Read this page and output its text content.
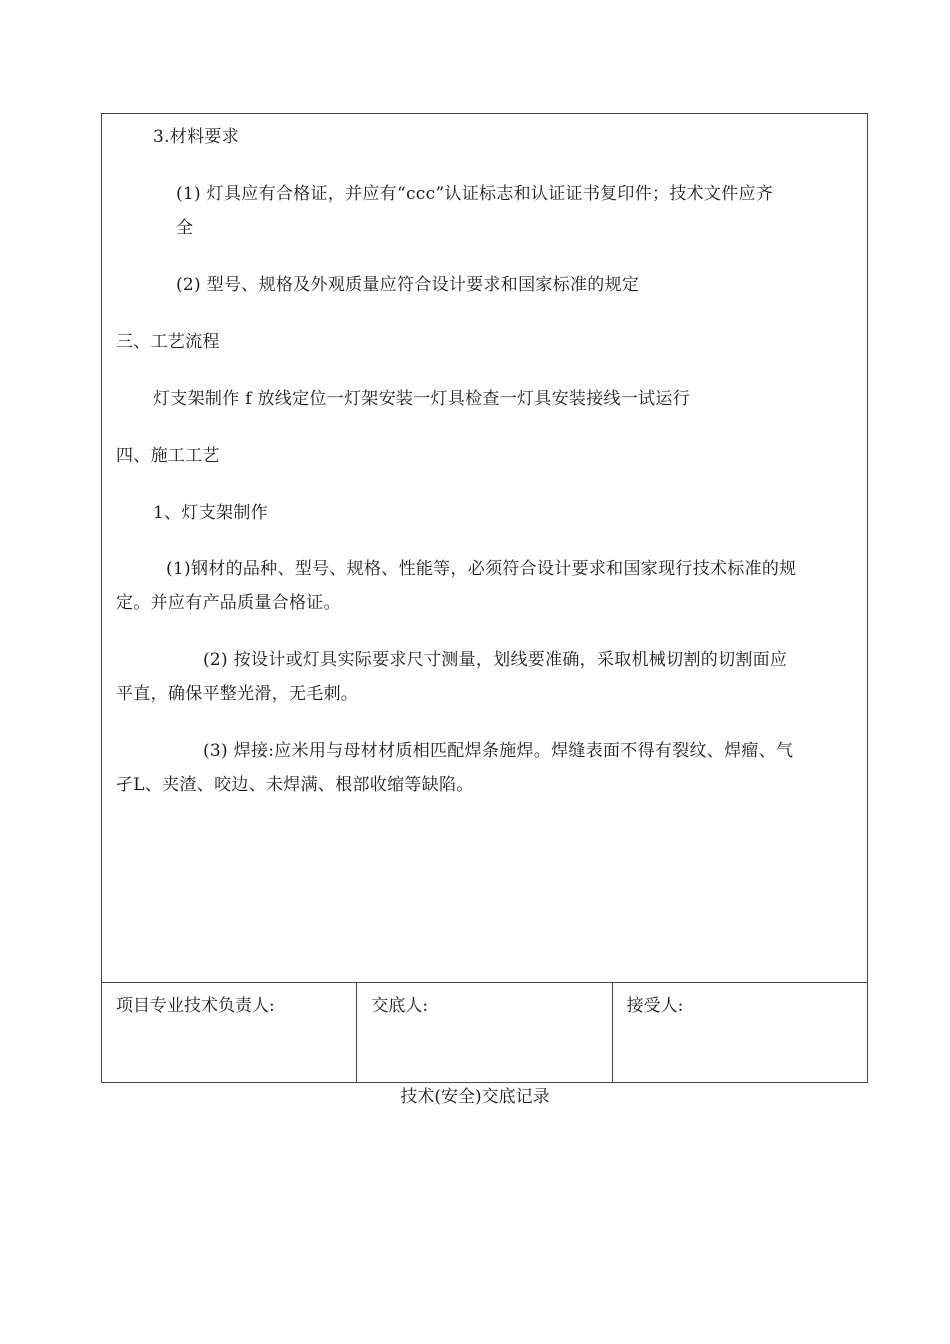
3.材料要求
(1) 灯具应有合格证，并应有“ccc”认证标志和认证证书复印件；技术文件应齐
全
(2) 型号、规格及外观质量应符合设计要求和国家标准的规定
三、工艺流程
灯支架制作 f 放线定位一灯架安装一灯具检查一灯具安装接线一试运行
四、施工工艺
1、灯支架制作
(1)钢材的品种、型号、规格、性能等，必须符合设计要求和国家现行技术标准的规
定。并应有产品质量合格证。
(2) 按设计或灯具实际要求尺寸测量，划线要准确，采取机械切割的切割面应
平直，确保平整光滑，无毛刺。
(3) 焊接:应米用与母材材质相匹配焊条施焊。焊缝表面不得有裂纹、焊瘤、气
孑L、夹渣、咬边、未焊满、根部收缩等缺陷。
项目专业技术负责人:	交底人:	接受人:
技术(安全)交底记录
